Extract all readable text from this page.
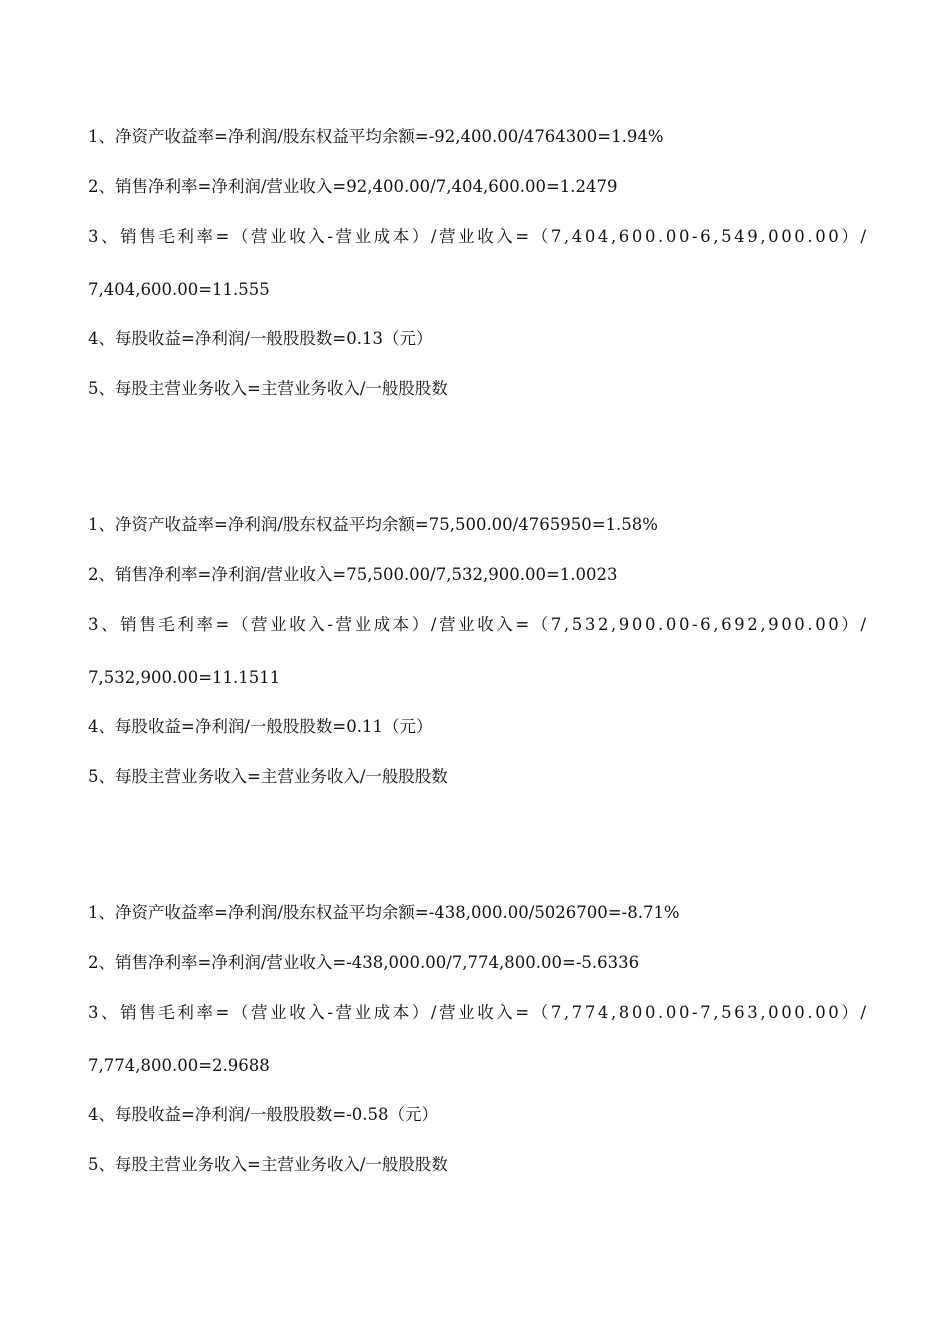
1、净资产收益率=净利润/股东权益平均余额=-92,400.00/4764300=1.94%
2、销售净利率=净利润/营业收入=92,400.00/7,404,600.00=1.2479
3 、 销 售 毛 利 率 = （ 营 业 收 入 - 营 业 成 本 ） / 营 业 收 入 = （ 7 , 4 0 4 , 6 0 0 . 0 0 - 6 , 5 4 9 , 0 0 0 . 0 0 ） /
7,404,600.00=11.555
4、每股收益=净利润/一般股股数=0.13（元）
5、每股主营业务收入=主营业务收入/一般股股数
1、净资产收益率=净利润/股东权益平均余额=75,500.00/4765950=1.58%
2、销售净利率=净利润/营业收入=75,500.00/7,532,900.00=1.0023
3 、 销 售 毛 利 率 = （ 营 业 收 入 - 营 业 成 本 ） / 营 业 收 入 = （ 7 , 5 3 2 , 9 0 0 . 0 0 - 6 , 6 9 2 , 9 0 0 . 0 0 ） /
7,532,900.00=11.1511
4、每股收益=净利润/一般股股数=0.11（元）
5、每股主营业务收入=主营业务收入/一般股股数
1、净资产收益率=净利润/股东权益平均余额=-438,000.00/5026700=-8.71%
2、销售净利率=净利润/营业收入=-438,000.00/7,774,800.00=-5.6336
3 、 销 售 毛 利 率 = （ 营 业 收 入 - 营 业 成 本 ） / 营 业 收 入 = （ 7 , 7 7 4 , 8 0 0 . 0 0 - 7 , 5 6 3 , 0 0 0 . 0 0 ） /
7,774,800.00=2.9688
4、每股收益=净利润/一般股股数=-0.58（元）
5、每股主营业务收入=主营业务收入/一般股股数
